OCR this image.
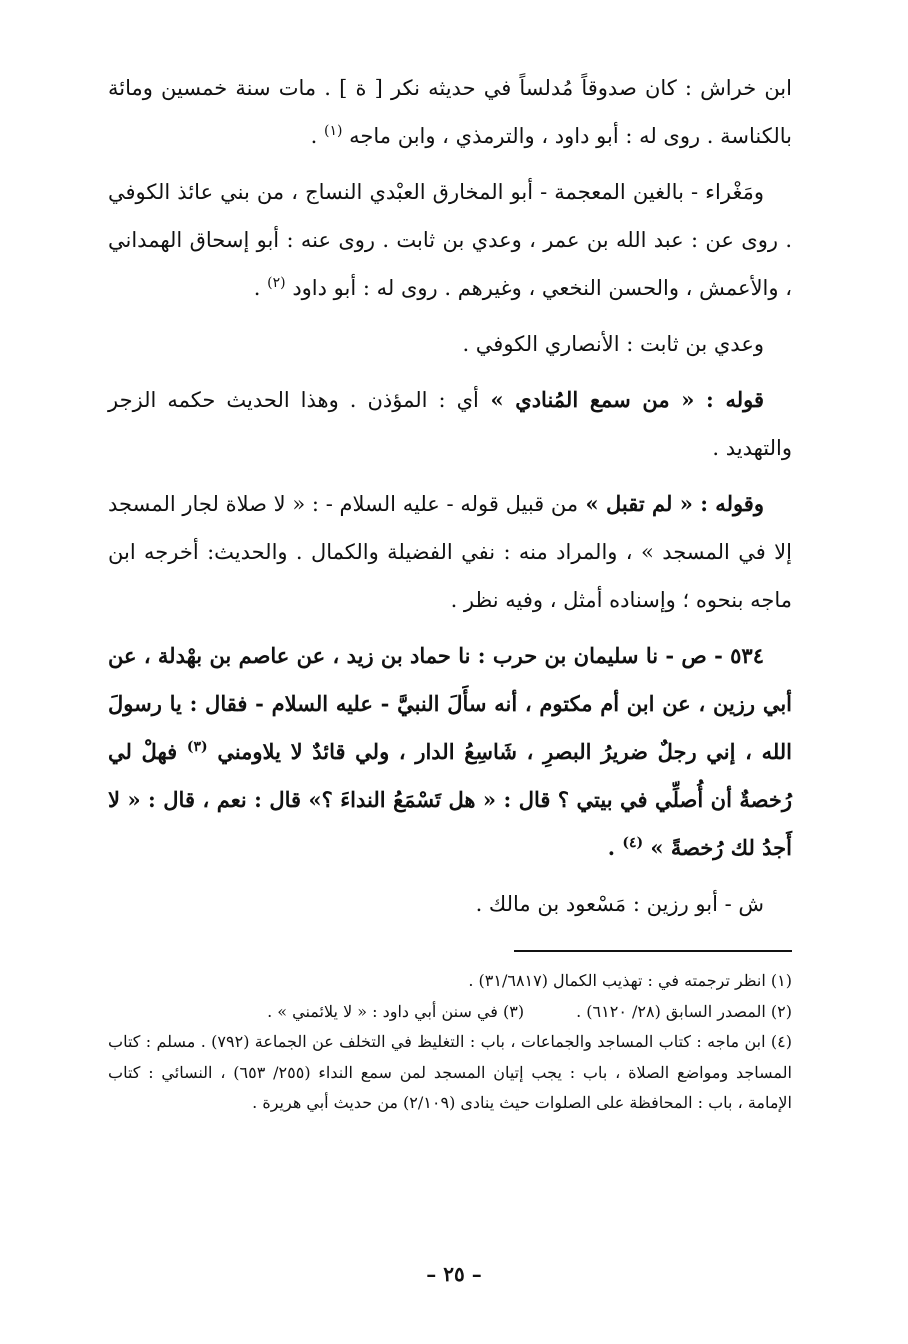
ابن خراش : كان صدوقاً مُدلساً في حديثه نكر [ ة ] . مات سنة خمسين ومائة بالكناسة . روى له : أبو داود ، والترمذي ، وابن ماجه $^{(١)}$ .

ومَغْراء - بالغين المعجمة - أبو المخارق العبْدي النساج ، من بني عائذ الكوفي . روى عن : عبد الله بن عمر ، وعدي بن ثابت . روى عنه : أبو إسحاق الهمداني ، والأعمش ، والحسن النخعي ، وغيرهم . روى له : أبو داود $^{(٢)}$ .

وعدي بن ثابت : الأنصاري الكوفي .

قوله : « من سمع المُنادي » أي : المؤذن . وهذا الحديث حكمه الزجر والتهديد .

وقوله : « لم تقبل » من قبيل قوله - عليه السلام - : « لا صلاة لجار المسجد إلا في المسجد » ، والمراد منه : نفي الفضيلة والكمال . والحديث: أخرجه ابن ماجه بنحوه ؛ وإسناده أمثل ، وفيه نظر .

٥٣٤ - ص - نا سليمان بن حرب : نا حماد بن زيد ، عن عاصم بن بهْدلة ، عن أبي رزين ، عن ابن أم مكتوم ، أنه سأَلَ النبيَّ - عليه السلام - فقال : يا رسولَ الله ، إني رجلٌ ضريرُ البصرِ ، شَاسِعُ الدار ، ولي قائدٌ لا يلاومني $^{(٣)}$ فهلْ لي رُخصةٌ أن أُصلِّي في بيتي ؟ قال : « هل تَسْمَعُ النداءَ ؟» قال : نعم ، قال : « لا أَجدُ لك رُخصةً » $^{(٤)}$ .

ش - أبو رزين : مَسْعود بن مالك .

(١) انظر ترجمته في : تهذيب الكمال (٣١/٦٨١٧) .

(٢) المصدر السابق (٢٨/ ٦١٢٠) .(٣) في سنن أبي داود : « لا يلائمني » .

(٤) ابن ماجه : كتاب المساجد والجماعات ، باب : التغليظ في التخلف عن الجماعة (٧٩٢) . مسلم : كتاب المساجد ومواضع الصلاة ، باب : يجب إتيان المسجد لمن سمع النداء (٢٥٥/ ٦٥٣) ، النسائي : كتاب الإمامة ، باب : المحافظة على الصلوات حيث ينادى (٢/١٠٩) من حديث أبي هريرة .

– ٢٥ –
